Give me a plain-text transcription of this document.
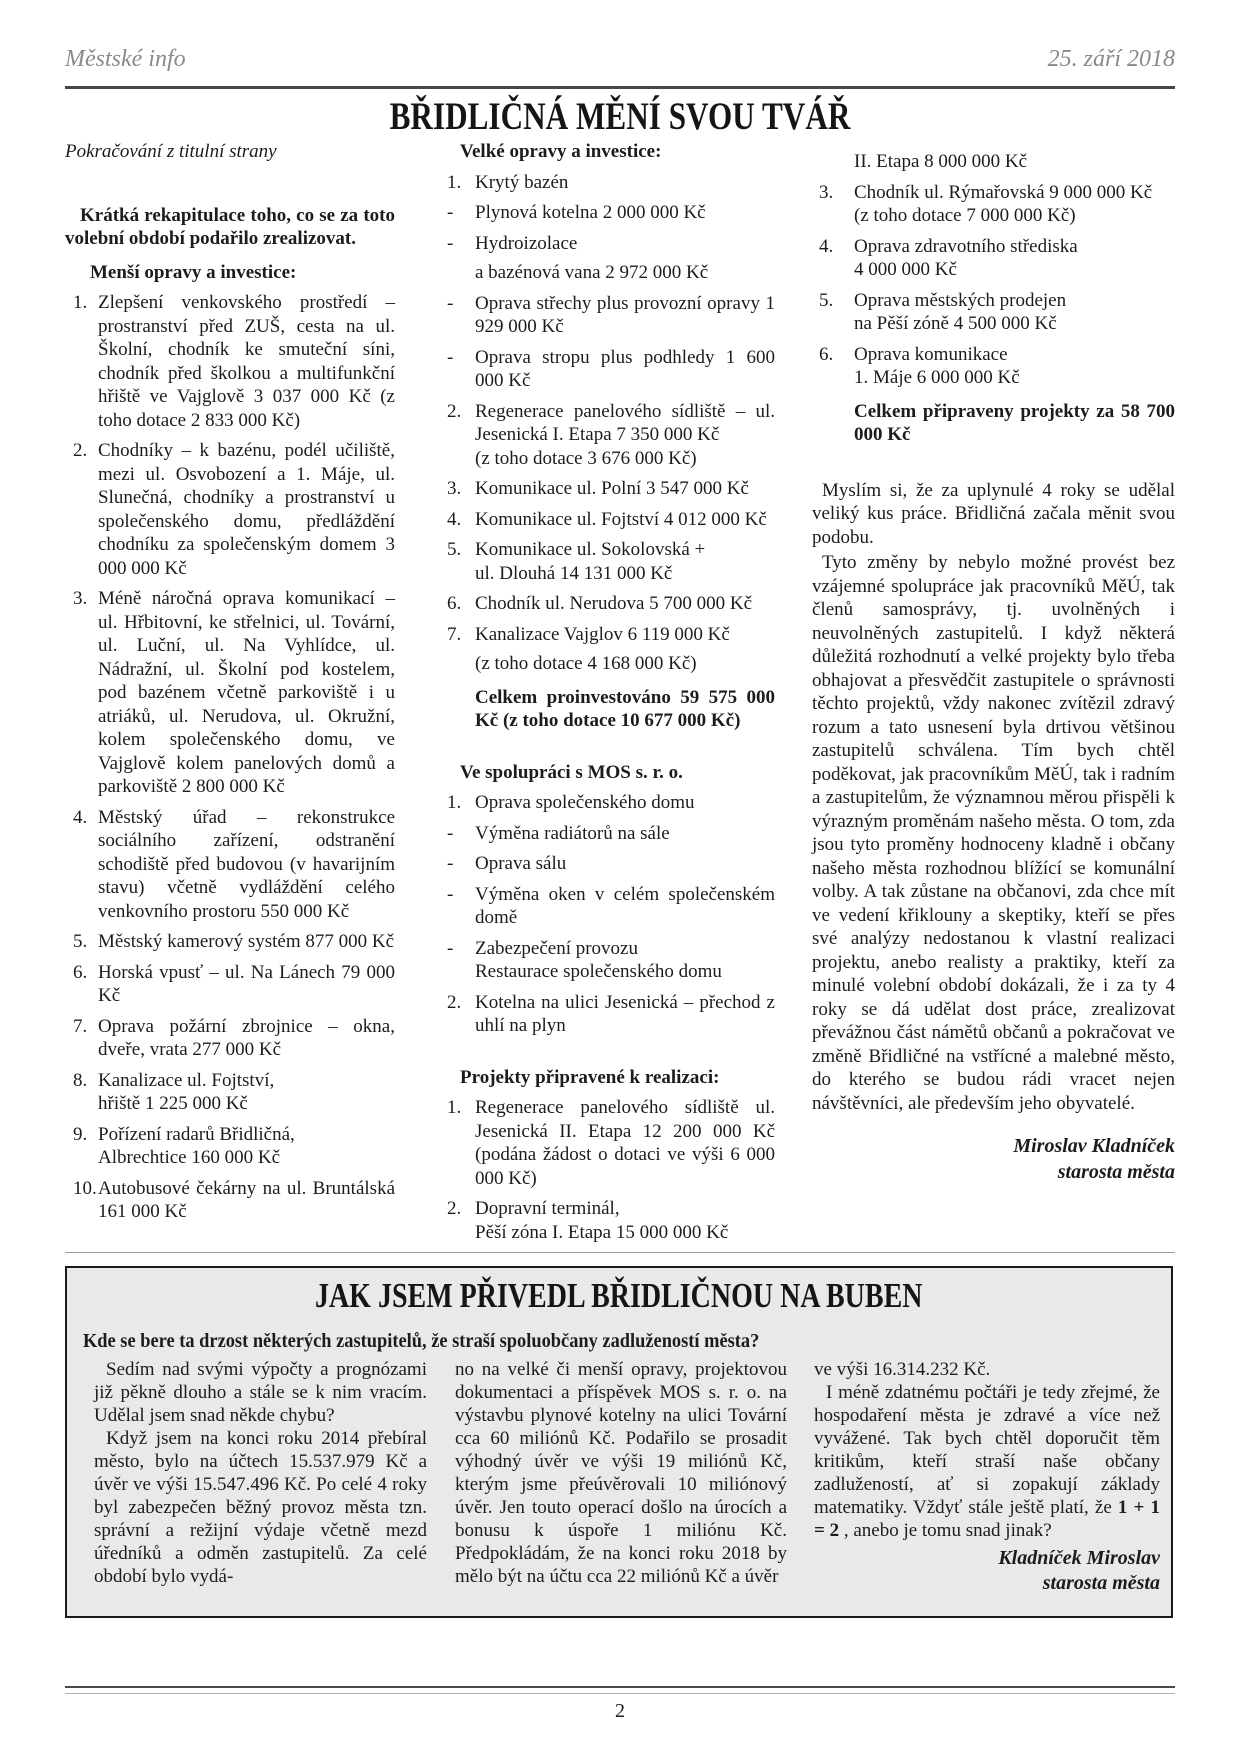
Městské info	25. září 2018
BŘIDLIČNÁ MĚNÍ SVOU TVÁŘ
Pokračování z titulní strany
Krátká rekapitulace toho, co se za toto volební období podařilo zrealizovat.
Menší opravy a investice:
1. Zlepšení venkovského prostředí – prostranství před ZUŠ, cesta na ul. Školní, chodník ke smuteční síni, chodník před školkou a multifunkční hřiště ve Vajglově 3 037 000 Kč (z toho dotace 2 833 000 Kč)
2. Chodníky – k bazénu, podél učiliště, mezi ul. Osvobození a 1. Máje, ul. Slunečná, chodníky a prostranství u společenského domu, předláždění chodníku za společenským domem 3 000 000 Kč
3. Méně náročná oprava komunikací – ul. Hřbitovní, ke střelnici, ul. Tovární, ul. Luční, ul. Na Vyhlídce, ul. Nádražní, ul. Školní pod kostelem, pod bazénem včetně parkoviště i u atriáků, ul. Nerudova, ul. Okružní, kolem společenského domu, ve Vajglově kolem panelových domů a parkoviště 2 800 000 Kč
4. Městský úřad – rekonstrukce sociálního zařízení, odstranění schodiště před budovou (v havarijním stavu) včetně vydláždění celého venkovního prostoru 550 000 Kč
5. Městský kamerový systém 877 000 Kč
6. Horská vpusť – ul. Na Lánech 79 000 Kč
7. Oprava požární zbrojnice – okna, dveře, vrata 277 000 Kč
8. Kanalizace ul. Fojtství,
hřiště 1 225 000 Kč
9. Pořízení radarů Břidličná,
Albrechtice 160 000 Kč
10. Autobusové čekárny na ul. Bruntálská 161 000 Kč
Velké opravy a investice:
1. Krytý bazén
-	Plynová kotelna 2 000 000 Kč
-	Hydroizolace
a bazénová vana 2 972 000 Kč
-	Oprava střechy plus provozní opravy 1 929 000 Kč
-	Oprava stropu plus podhledy 1 600 000 Kč
2. Regenerace panelového sídliště – ul. Jesenická I. Etapa 7 350 000 Kč
(z toho dotace 3 676 000 Kč)
3. Komunikace ul. Polní 3 547 000 Kč
4. Komunikace ul. Fojtství 4 012 000 Kč
5. Komunikace ul. Sokolovská +
ul. Dlouhá 14 131 000 Kč
6. Chodník ul. Nerudova 5 700 000 Kč
7. Kanalizace Vajglov 6 119 000 Kč
(z toho dotace 4 168 000 Kč)
Celkem proinvestováno 59 575 000 Kč (z toho dotace 10 677 000 Kč)
Ve spolupráci s MOS s. r. o.
1. Oprava společenského domu
-	Výměna radiátorů na sále
-	Oprava sálu
-	Výměna oken v celém společenském domě
-	Zabezpečení provozu
Restaurace společenského domu
2. Kotelna na ulici Jesenická – přechod z uhlí na plyn
Projekty připravené k realizaci:
1. Regenerace panelového sídliště ul. Jesenická II. Etapa 12 200 000 Kč (podána žádost o dotaci ve výši 6 000 000 Kč)
2. Dopravní terminál,
Pěší zóna I. Etapa 15 000 000 Kč
II. Etapa 8 000 000 Kč
3.	Chodník ul. Rýmařovská 9 000 000 Kč
(z toho dotace 7 000 000 Kč)
4.	Oprava zdravotního střediska
4 000 000 Kč
5.	Oprava městských prodejen
na Pěší zóně 4 500 000 Kč
6.	Oprava komunikace
1. Máje 6 000 000 Kč
Celkem připraveny projekty za 58 700 000 Kč
Myslím si, že za uplynulé 4 roky se udělal veliký kus práce. Břidličná začala měnit svou podobu.
Tyto změny by nebylo možné provést bez vzájemné spolupráce jak pracovníků MěÚ, tak členů samosprávy, tj. uvolněných i neuvolněných zastupitelů. I když některá důležitá rozhodnutí a velké projekty bylo třeba obhajovat a přesvědčit zastupitele o správnosti těchto projektů, vždy nakonec zvítězil zdravý rozum a tato usnesení byla drtivou většinou zastupitelů schválena. Tím bych chtěl poděkovat, jak pracovníkům MěÚ, tak i radním a zastupitelům, že významnou měrou přispěli k výrazným proměnám našeho města. O tom, zda jsou tyto proměny hodnoceny kladně i občany našeho města rozhodnou blížící se komunální volby. A tak zůstane na občanovi, zda chce mít ve vedení křiklouny a skeptiky, kteří se přes své analýzy nedostanou k vlastní realizaci projektu, anebo realisty a praktiky, kteří za minulé volební období dokázali, že i za ty 4 roky se dá udělat dost práce, zrealizovat převážnou část námětů občanů a pokračovat ve změně Břidličné na vstřícné a malebné město, do kterého se budou rádi vracet nejen návštěvníci, ale především jeho obyvatelé.
Miroslav Kladníček
starosta města
JAK JSEM PŘIVEDL BŘIDLIČNOU NA BUBEN
Kde se bere ta drzost některých zastupitelů, že straší spoluobčany zadlužeností města?
Sedím nad svými výpočty a prognózami již pěkně dlouho a stále se k nim vracím. Udělal jsem snad někde chybu?
Když jsem na konci roku 2014 přebíral město, bylo na účtech 15.537.979 Kč a úvěr ve výši 15.547.496 Kč. Po celé 4 roky byl zabezpečen běžný provoz města tzn. správní a režijní výdaje včetně mezd úředníků a odměn zastupitelů. Za celé období bylo vydá-
no na velké či menší opravy, projektovou dokumentaci a příspěvek MOS s. r. o. na výstavbu plynové kotelny na ulici Tovární cca 60 miliónů Kč. Podařilo se prosadit výhodný úvěr ve výši 19 miliónů Kč, kterým jsme přeúvěrovali 10 miliónový úvěr. Jen touto operací došlo na úrocích a bonusu k úspoře 1 miliónu Kč. Předpokládám, že na konci roku 2018 by mělo být na účtu cca 22 miliónů Kč a úvěr
ve výši 16.314.232 Kč.
I méně zdatnému počtáři je tedy zřejmé, že hospodaření města je zdravé a více než vyvážené. Tak bych chtěl doporučit těm kritikům, kteří straší naše občany zadlužeností, ať si zopakují základy matematiky. Vždyť stále ještě platí, že 1 + 1 = 2 , anebo je tomu snad jinak?
Kladníček Miroslav
starosta města
2
